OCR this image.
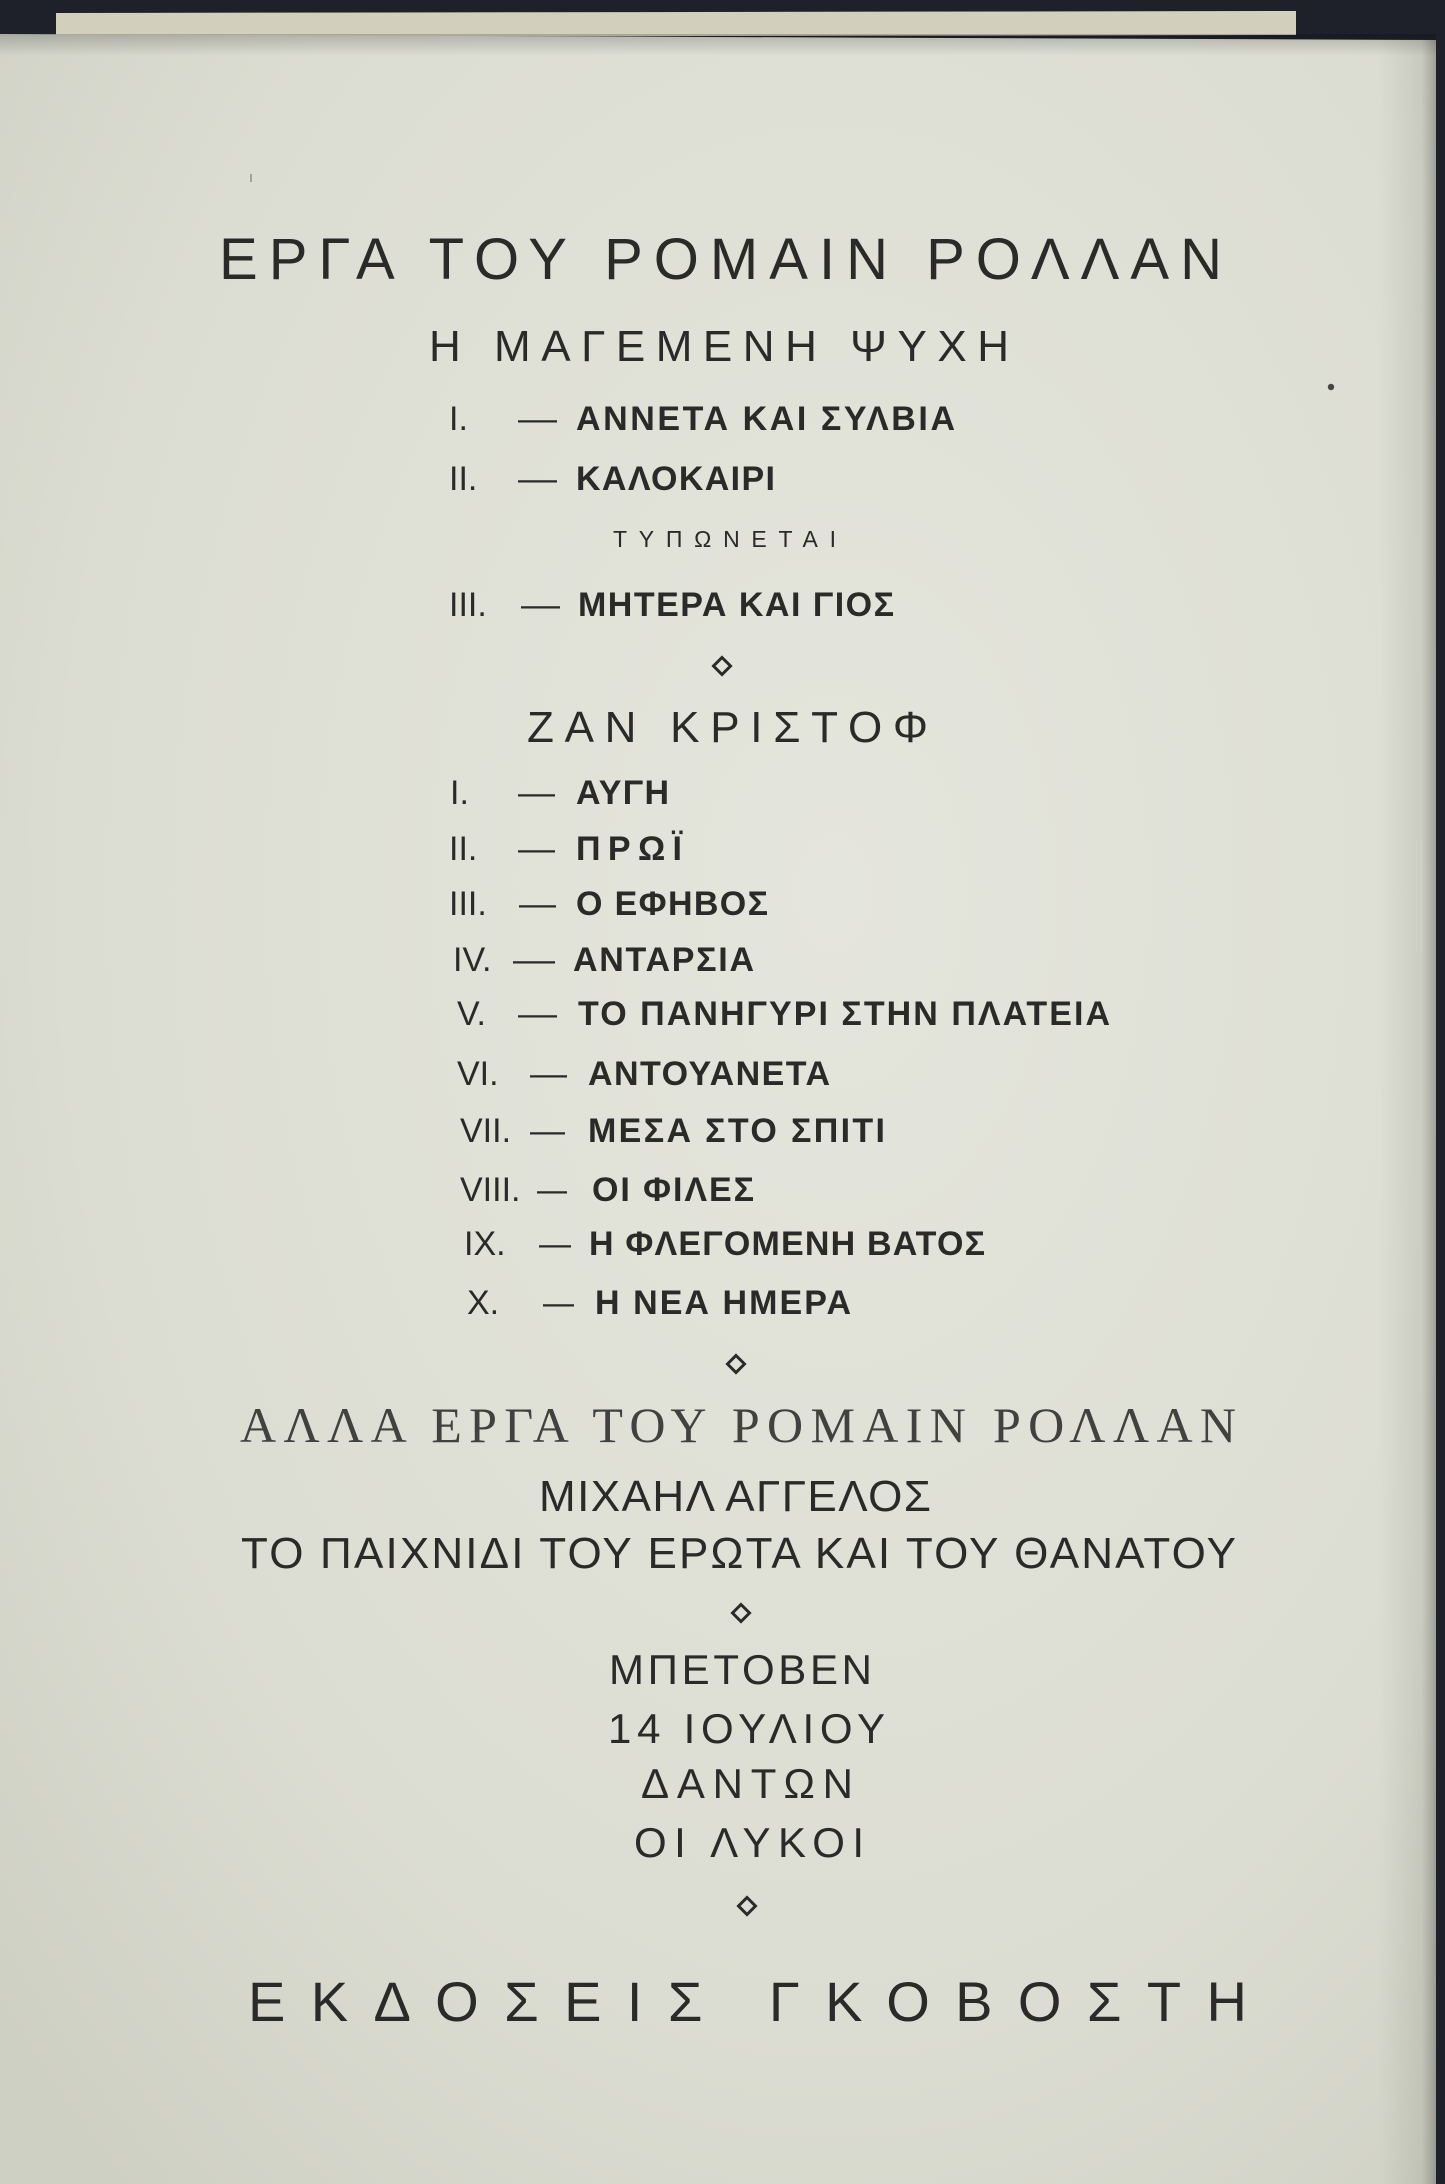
ΕΡΓΑ ΤΟΥ ΡΟΜΑΙΝ ΡΟΛΛΑΝ
Η ΜΑΓΕΜΕΝΗ ΨΥΧΗ
I. — ΑΝΝΕΤΑ ΚΑΙ ΣΥΛΒΙΑ
II. — ΚΑΛΟΚΑΙΡΙ
ΤΥΠΩΝΕΤΑΙ
III. — ΜΗΤΕΡΑ ΚΑΙ ΓΙΟΣ
ΖΑΝ ΚΡΙΣΤΟΦ
I. — ΑΥΓΗ
II. — ΠΡΩΪ
III. — Ο ΕΦΗΒΟΣ
IV. — ΑΝΤΑΡΣΙΑ
V. — ΤΟ ΠΑΝΗΓΥΡΙ ΣΤΗΝ ΠΛΑΤΕΙΑ
VI. — ΑΝΤΟΥΑΝΕΤΑ
VII. — ΜΕΣΑ ΣΤΟ ΣΠΙΤΙ
VIII. — ΟΙ ΦΙΛΕΣ
IX. — Η ΦΛΕΓΟΜΕΝΗ ΒΑΤΟΣ
X. — Η ΝΕΑ ΗΜΕΡΑ
ΑΛΛΑ ΕΡΓΑ ΤΟΥ ΡΟΜΑΙΝ ΡΟΛΛΑΝ
ΜΙΧΑΗΛ ΑΓΓΕΛΟΣ
ΤΟ ΠΑΙΧΝΙΔΙ ΤΟΥ ΕΡΩΤΑ ΚΑΙ ΤΟΥ ΘΑΝΑΤΟΥ
ΜΠΕΤΟΒΕΝ
14 ΙΟΥΛΙΟΥ
ΔΑΝΤΩΝ
ΟΙ ΛΥΚΟΙ
ΕΚΔΟΣΕΙΣ ΓΚΟΒΟΣΤΗ
